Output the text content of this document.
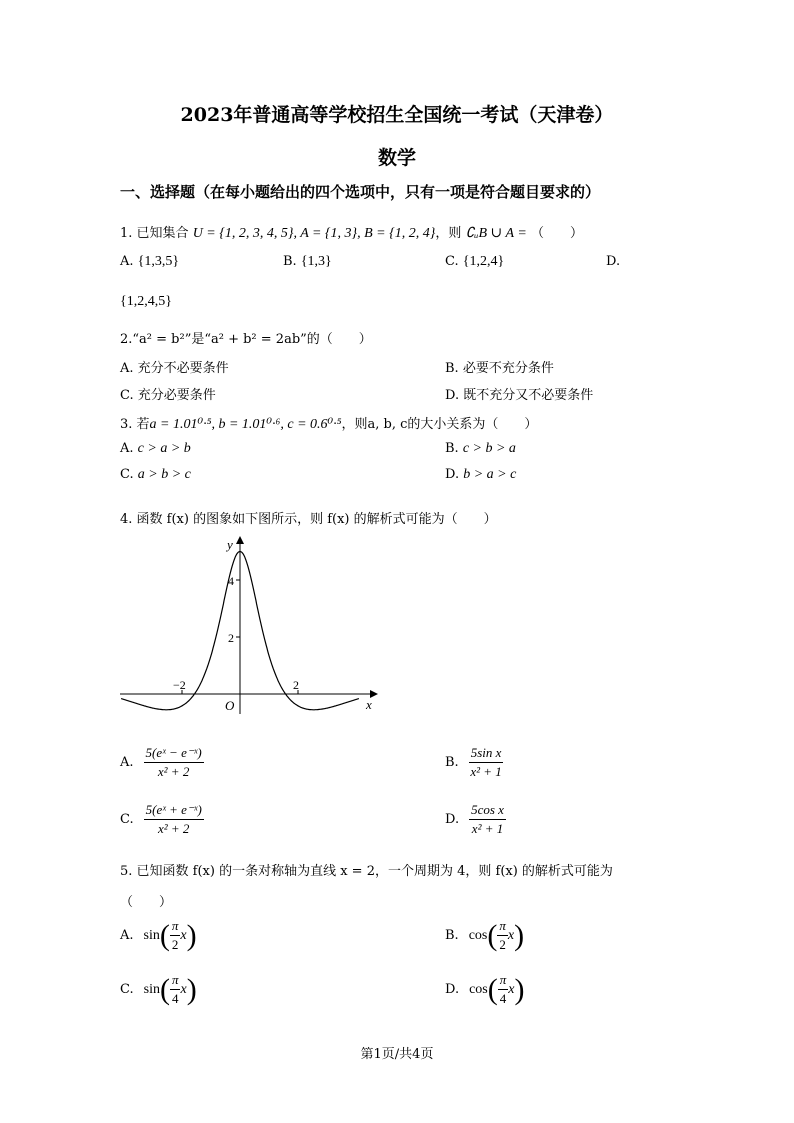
2023年普通高等学校招生全国统一考试（天津卷）
数学
一、选择题（在每小题给出的四个选项中，只有一项是符合题目要求的）
1. 已知集合 U = {1, 2, 3, 4, 5}, A = {1, 3}, B = {1, 2, 4}，则 ∁ᵤB ∪ A = （　　）
A. {1,3,5}	B. {1,3}	C. {1,2,4}	D.
{1,2,4,5}
2.“a² = b²”是“a² + b² = 2ab”的（　　）
A. 充分不必要条件	B. 必要不充分条件
C. 充分必要条件	D. 既不充分又不必要条件
3. 若a = 1.01⁰·⁵, b = 1.01⁰·⁶, c = 0.6⁰·⁵，则a, b, c的大小关系为（　　）
A. c > a > b	B. c > b > a
C. a > b > c	D. b > a > c
4. 函数 f(x) 的图象如下图所示，则 f(x) 的解析式可能为（　　）
y
x
O
4
2
−2	2
A. $\frac{\text{5(eˣ − e⁻ˣ)}}{\text{x² + 2}}$	B. $\frac{\text{5sin x}}{\text{x² + 1}}$
C. $\frac{\text{5(eˣ + e⁻ˣ)}}{\text{x² + 2}}$	D. $\frac{\text{5cos x}}{\text{x² + 1}}$
5. 已知函数 f(x) 的一条对称轴为直线 x = 2，一个周期为 4，则 f(x) 的解析式可能为
（　　）
A. sin ( $\frac{\pi}{2}$ x )	B. cos ( $\frac{\pi}{2}$ x )
C. sin ( $\frac{\pi}{4}$ x )	D. cos ( $\frac{\pi}{4}$ x )
第1页/共4页
